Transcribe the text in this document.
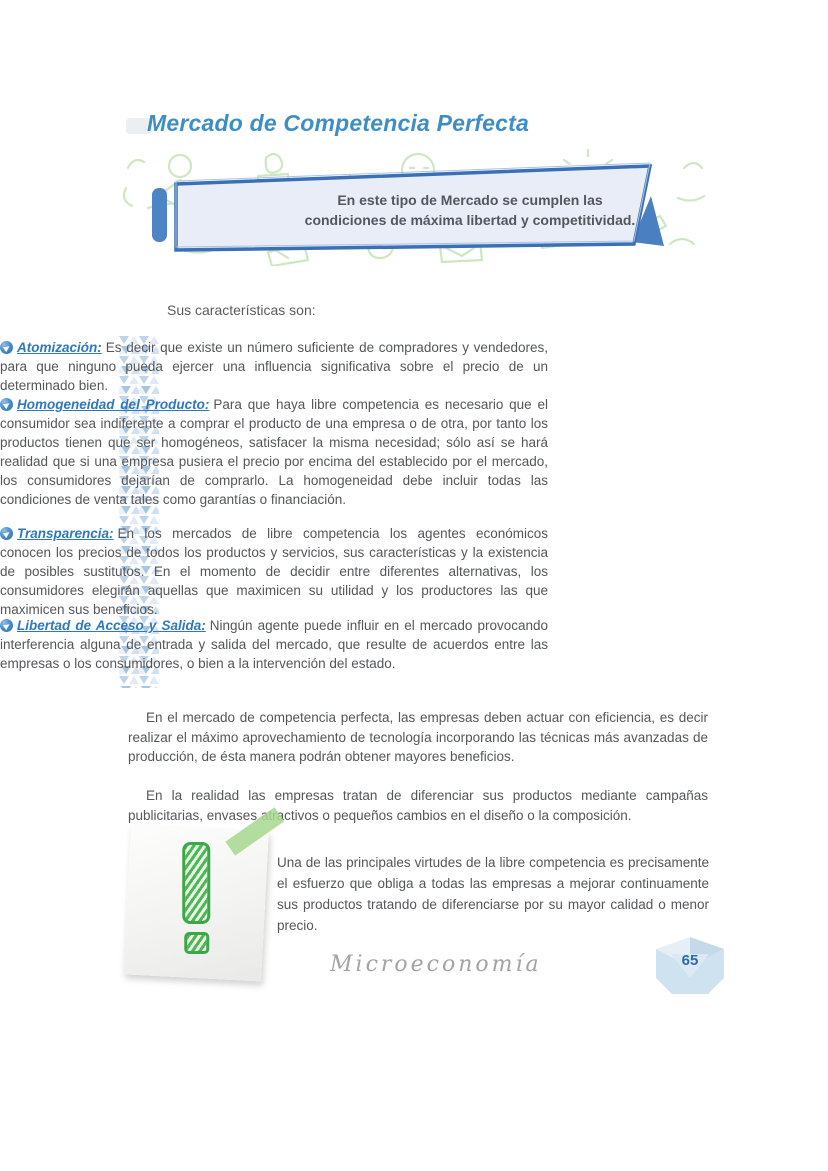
Mercado de Competencia Perfecta
En este tipo de Mercado se cumplen las condiciones de máxima libertad y competitividad.
Sus características son:
Atomización: Es decir que existe un número suficiente de compradores y vendedores, para que ninguno pueda ejercer una influencia significativa sobre el precio de un determinado bien.
Homogeneidad del Producto: Para que haya libre competencia es necesario que el consumidor sea indiferente a comprar el producto de una empresa o de otra, por tanto los productos tienen que ser homogéneos, satisfacer la misma necesidad; sólo así se hará realidad que si una empresa pusiera el precio por encima del establecido por el mercado, los consumidores dejarían de comprarlo. La homogeneidad debe incluir todas las condiciones de venta tales como garantías o financiación.
Transparencia: En los mercados de libre competencia los agentes económicos conocen los precios de todos los productos y servicios, sus características y la existencia de posibles sustitutos. En el momento de decidir entre diferentes alternativas, los consumidores elegirán aquellas que maximicen su utilidad y los productores las que maximicen sus beneficios.
Libertad de Acceso y Salida: Ningún agente puede influir en el mercado provocando interferencia alguna de entrada y salida del mercado, que resulte de acuerdos entre las empresas o los consumidores, o bien a la intervención del estado.
En el mercado de competencia perfecta, las empresas deben actuar con eficiencia, es decir realizar el máximo aprovechamiento de tecnología incorporando las técnicas más avanzadas de producción, de ésta manera podrán obtener mayores beneficios.
En la realidad las empresas tratan de diferenciar sus productos mediante campañas publicitarias, envases atractivos o pequeños cambios en el diseño o la composición.
Una de las principales virtudes de la libre competencia es precisamente el esfuerzo que obliga a todas las empresas a mejorar continuamente sus productos tratando de diferenciarse por su mayor calidad o menor precio.
Microeconomía	65
